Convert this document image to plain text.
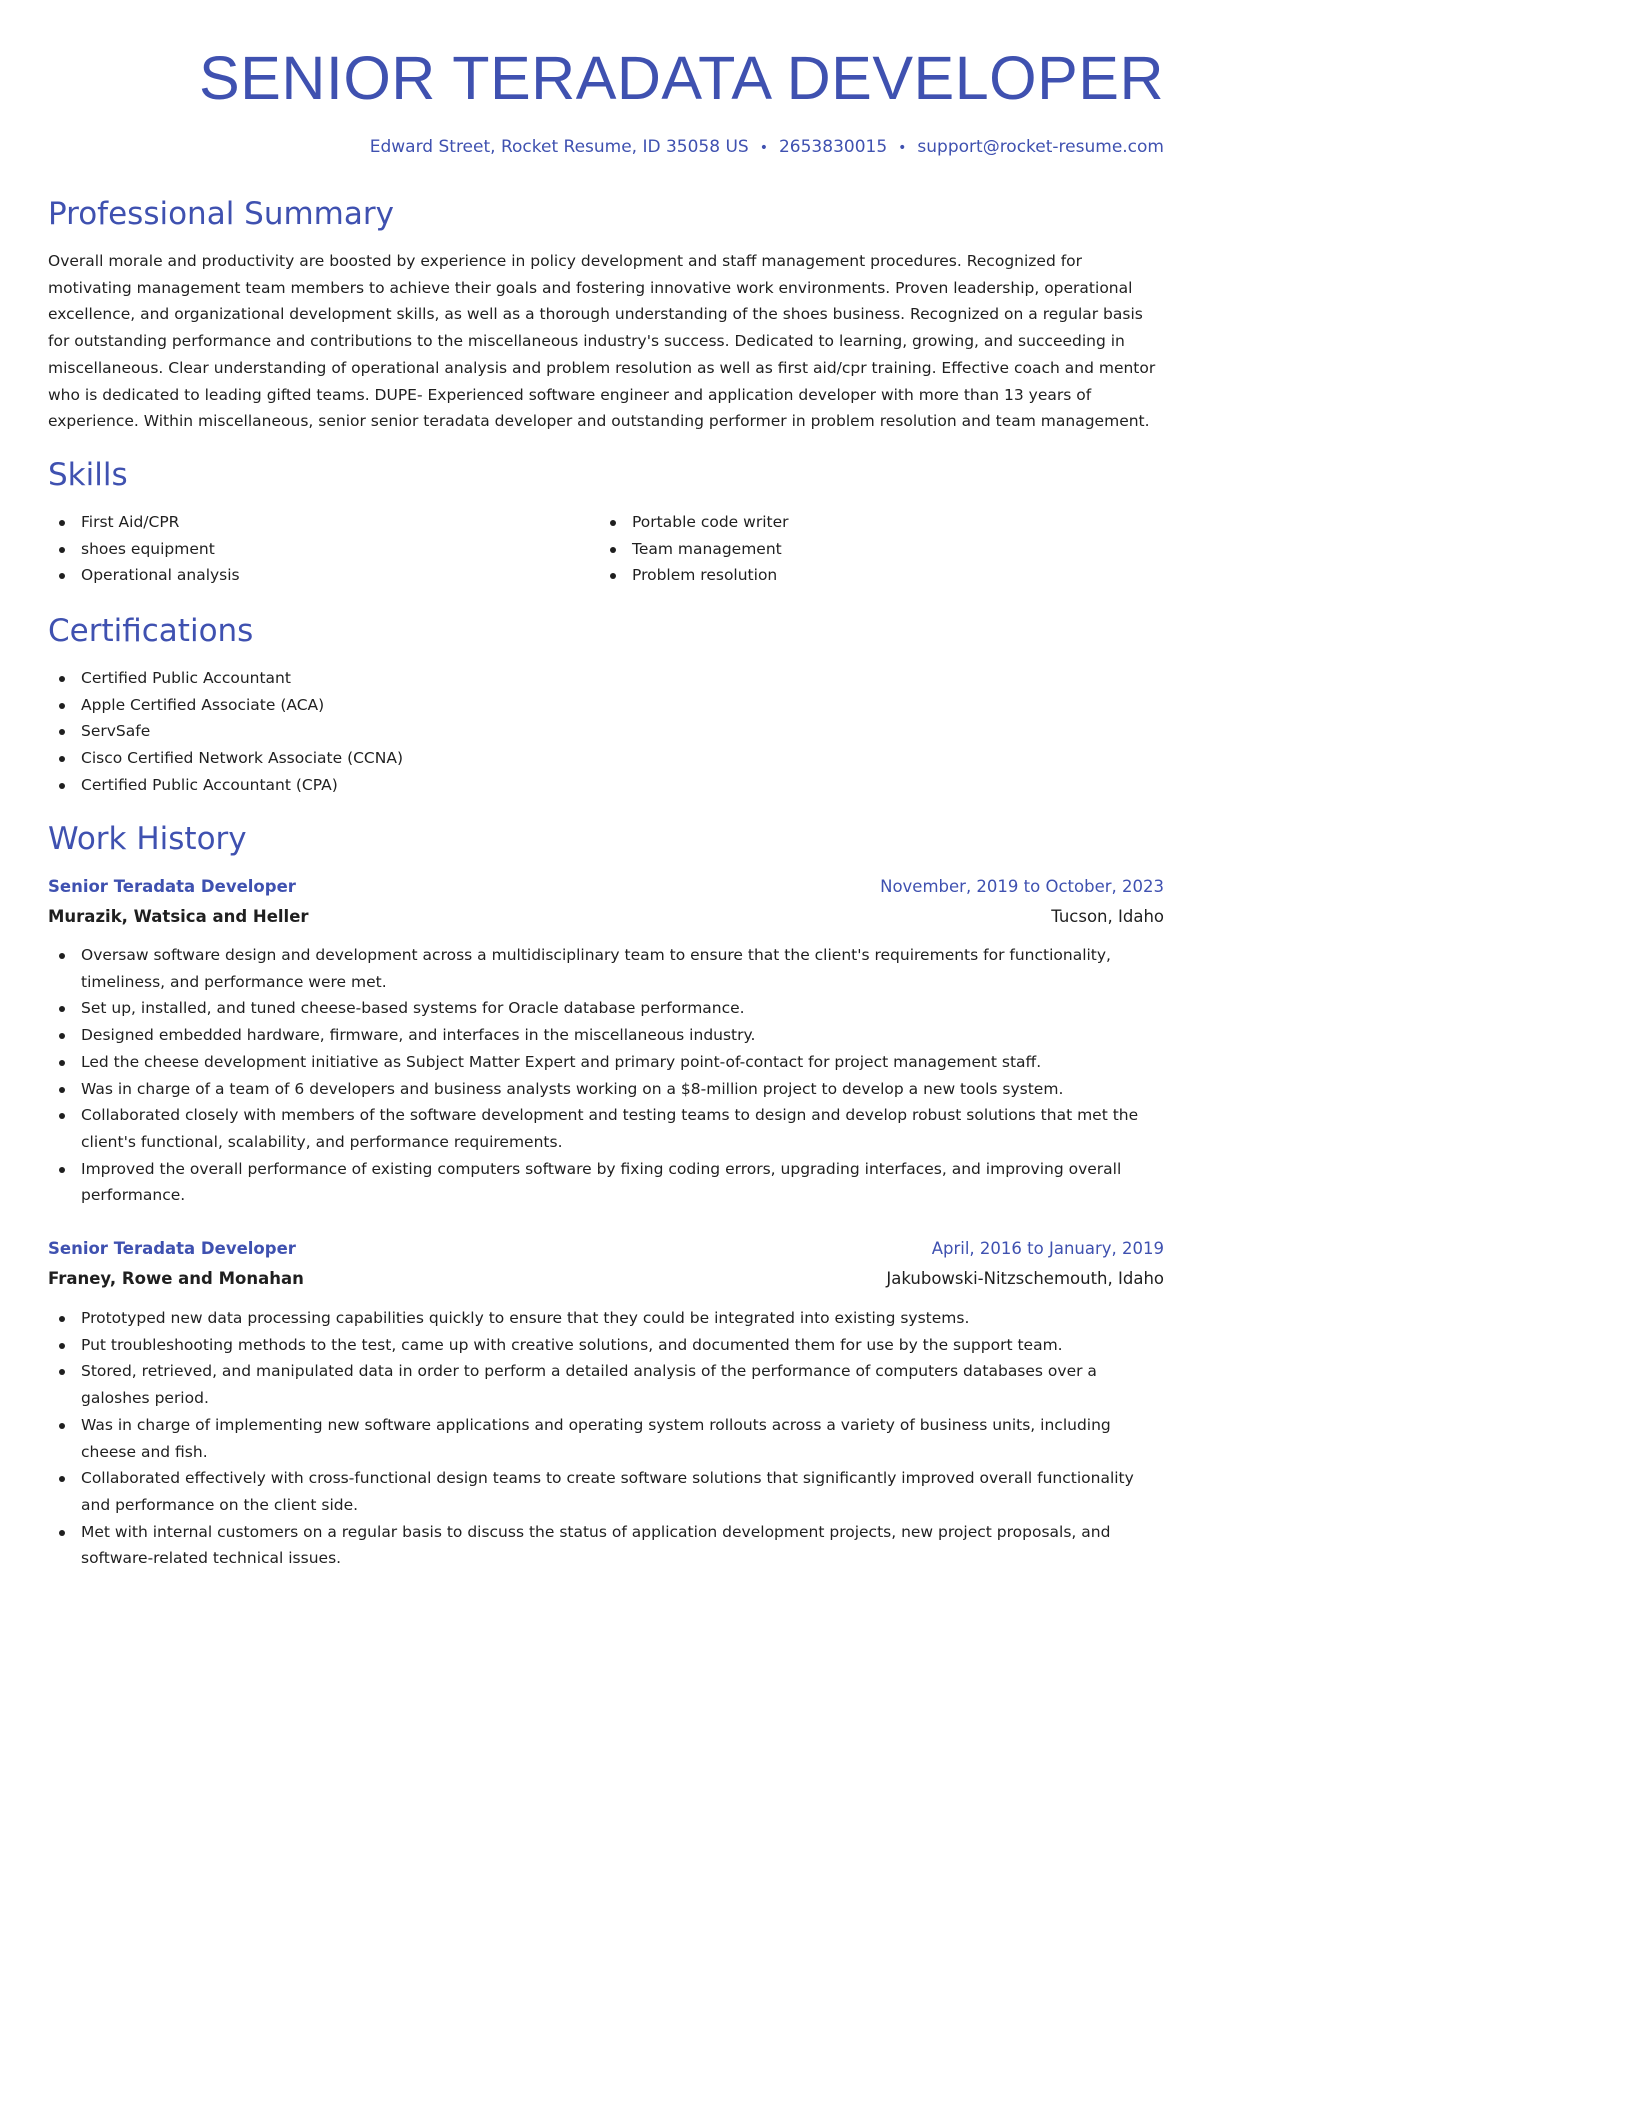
SENIOR TERADATA DEVELOPER
Edward Street, Rocket Resume, ID 35058 US • 2653830015 • support@rocket-resume.com
Professional Summary

Overall morale and productivity are boosted by experience in policy development and staff management procedures. Recognized for motivating management team members to achieve their goals and fostering innovative work environments. Proven leadership, operational excellence, and organizational development skills, as well as a thorough understanding of the shoes business. Recognized on a regular basis for outstanding performance and contributions to the miscellaneous industry's success. Dedicated to learning, growing, and succeeding in miscellaneous. Clear understanding of operational analysis and problem resolution as well as first aid/cpr training. Effective coach and mentor who is dedicated to leading gifted teams. DUPE- Experienced software engineer and application developer with more than 13 years of experience. Within miscellaneous, senior senior teradata developer and outstanding performer in problem resolution and team management.

Skills
First Aid/CPR
shoes equipment
Operational analysis
Portable code writer
Team management
Problem resolution
Certifications
Certified Public Accountant
Apple Certified Associate (ACA)
ServSafe
Cisco Certified Network Associate (CCNA)
Certified Public Accountant (CPA)
Work History
Senior Teradata Developer	November, 2019 to October, 2023
Murazik, Watsica and Heller	Tucson, Idaho
Oversaw software design and development across a multidisciplinary team to ensure that the client's requirements for functionality, timeliness, and performance were met.
Set up, installed, and tuned cheese-based systems for Oracle database performance.
Designed embedded hardware, firmware, and interfaces in the miscellaneous industry.
Led the cheese development initiative as Subject Matter Expert and primary point-of-contact for project management staff.
Was in charge of a team of 6 developers and business analysts working on a $8-million project to develop a new tools system.
Collaborated closely with members of the software development and testing teams to design and develop robust solutions that met the client's functional, scalability, and performance requirements.
Improved the overall performance of existing computers software by fixing coding errors, upgrading interfaces, and improving overall performance.
Senior Teradata Developer	April, 2016 to January, 2019
Franey, Rowe and Monahan	Jakubowski-Nitzschemouth, Idaho
Prototyped new data processing capabilities quickly to ensure that they could be integrated into existing systems.
Put troubleshooting methods to the test, came up with creative solutions, and documented them for use by the support team.
Stored, retrieved, and manipulated data in order to perform a detailed analysis of the performance of computers databases over a galoshes period.
Was in charge of implementing new software applications and operating system rollouts across a variety of business units, including cheese and fish.
Collaborated effectively with cross-functional design teams to create software solutions that significantly improved overall functionality and performance on the client side.
Met with internal customers on a regular basis to discuss the status of application development projects, new project proposals, and software-related technical issues.
